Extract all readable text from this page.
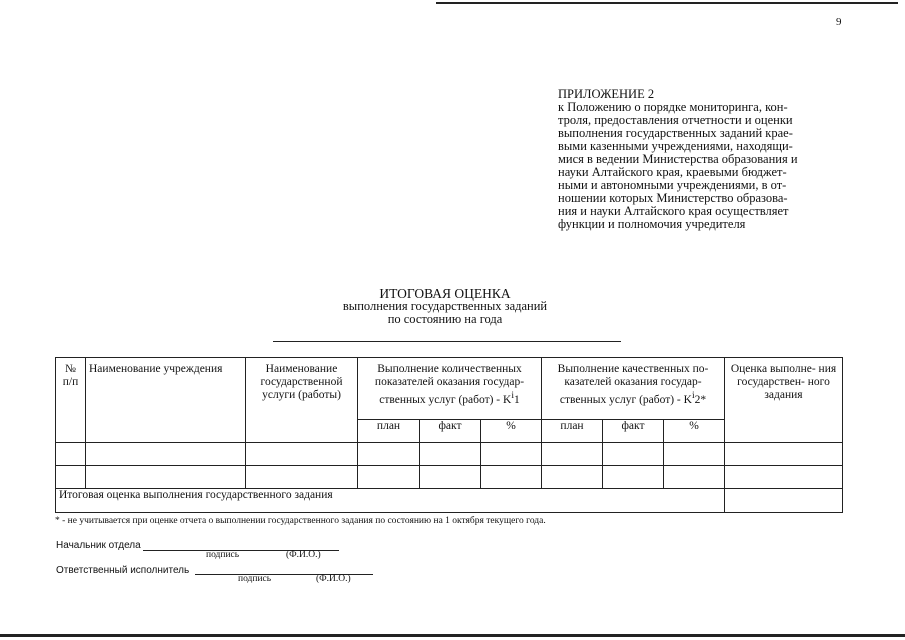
9
ПРИЛОЖЕНИЕ 2
к Положению о порядке мониторинга, кон-
троля, предоставления отчетности и оценки
выполнения государственных заданий крае-
выми казенными учреждениями, находящи-
мися в ведении Министерства образования и
науки Алтайского края, краевыми бюджет-
ными и автономными учреждениями, в от-
ношении которых Министерство образова-
ния и науки Алтайского края осуществляет
функции и полномочия учредителя
ИТОГОВАЯ ОЦЕНКА
выполнения государственных заданий
по состоянию на года
№ п/п	Наименование учреждения	Наименование государственной услуги (работы)	Выполнение количественных показателей оказания государ- ственных услуг (работ) - $K^i1$			Выполнение качественных по- казателей оказания государ- ственных услуг (работ) - $K^i2*$			Оценка выполне- ния государствен- ного задания
			план	факт	%	план	факт	%	

Итоговая оценка выполнения государственного задания									
* - не учитывается при оценке отчета о выполнении государственного задания по состоянию на 1 октября текущего года.
Начальник отдела
подпись	(Ф.И.О.)
Ответственный исполнитель
подпись	(Ф.И.О.)
